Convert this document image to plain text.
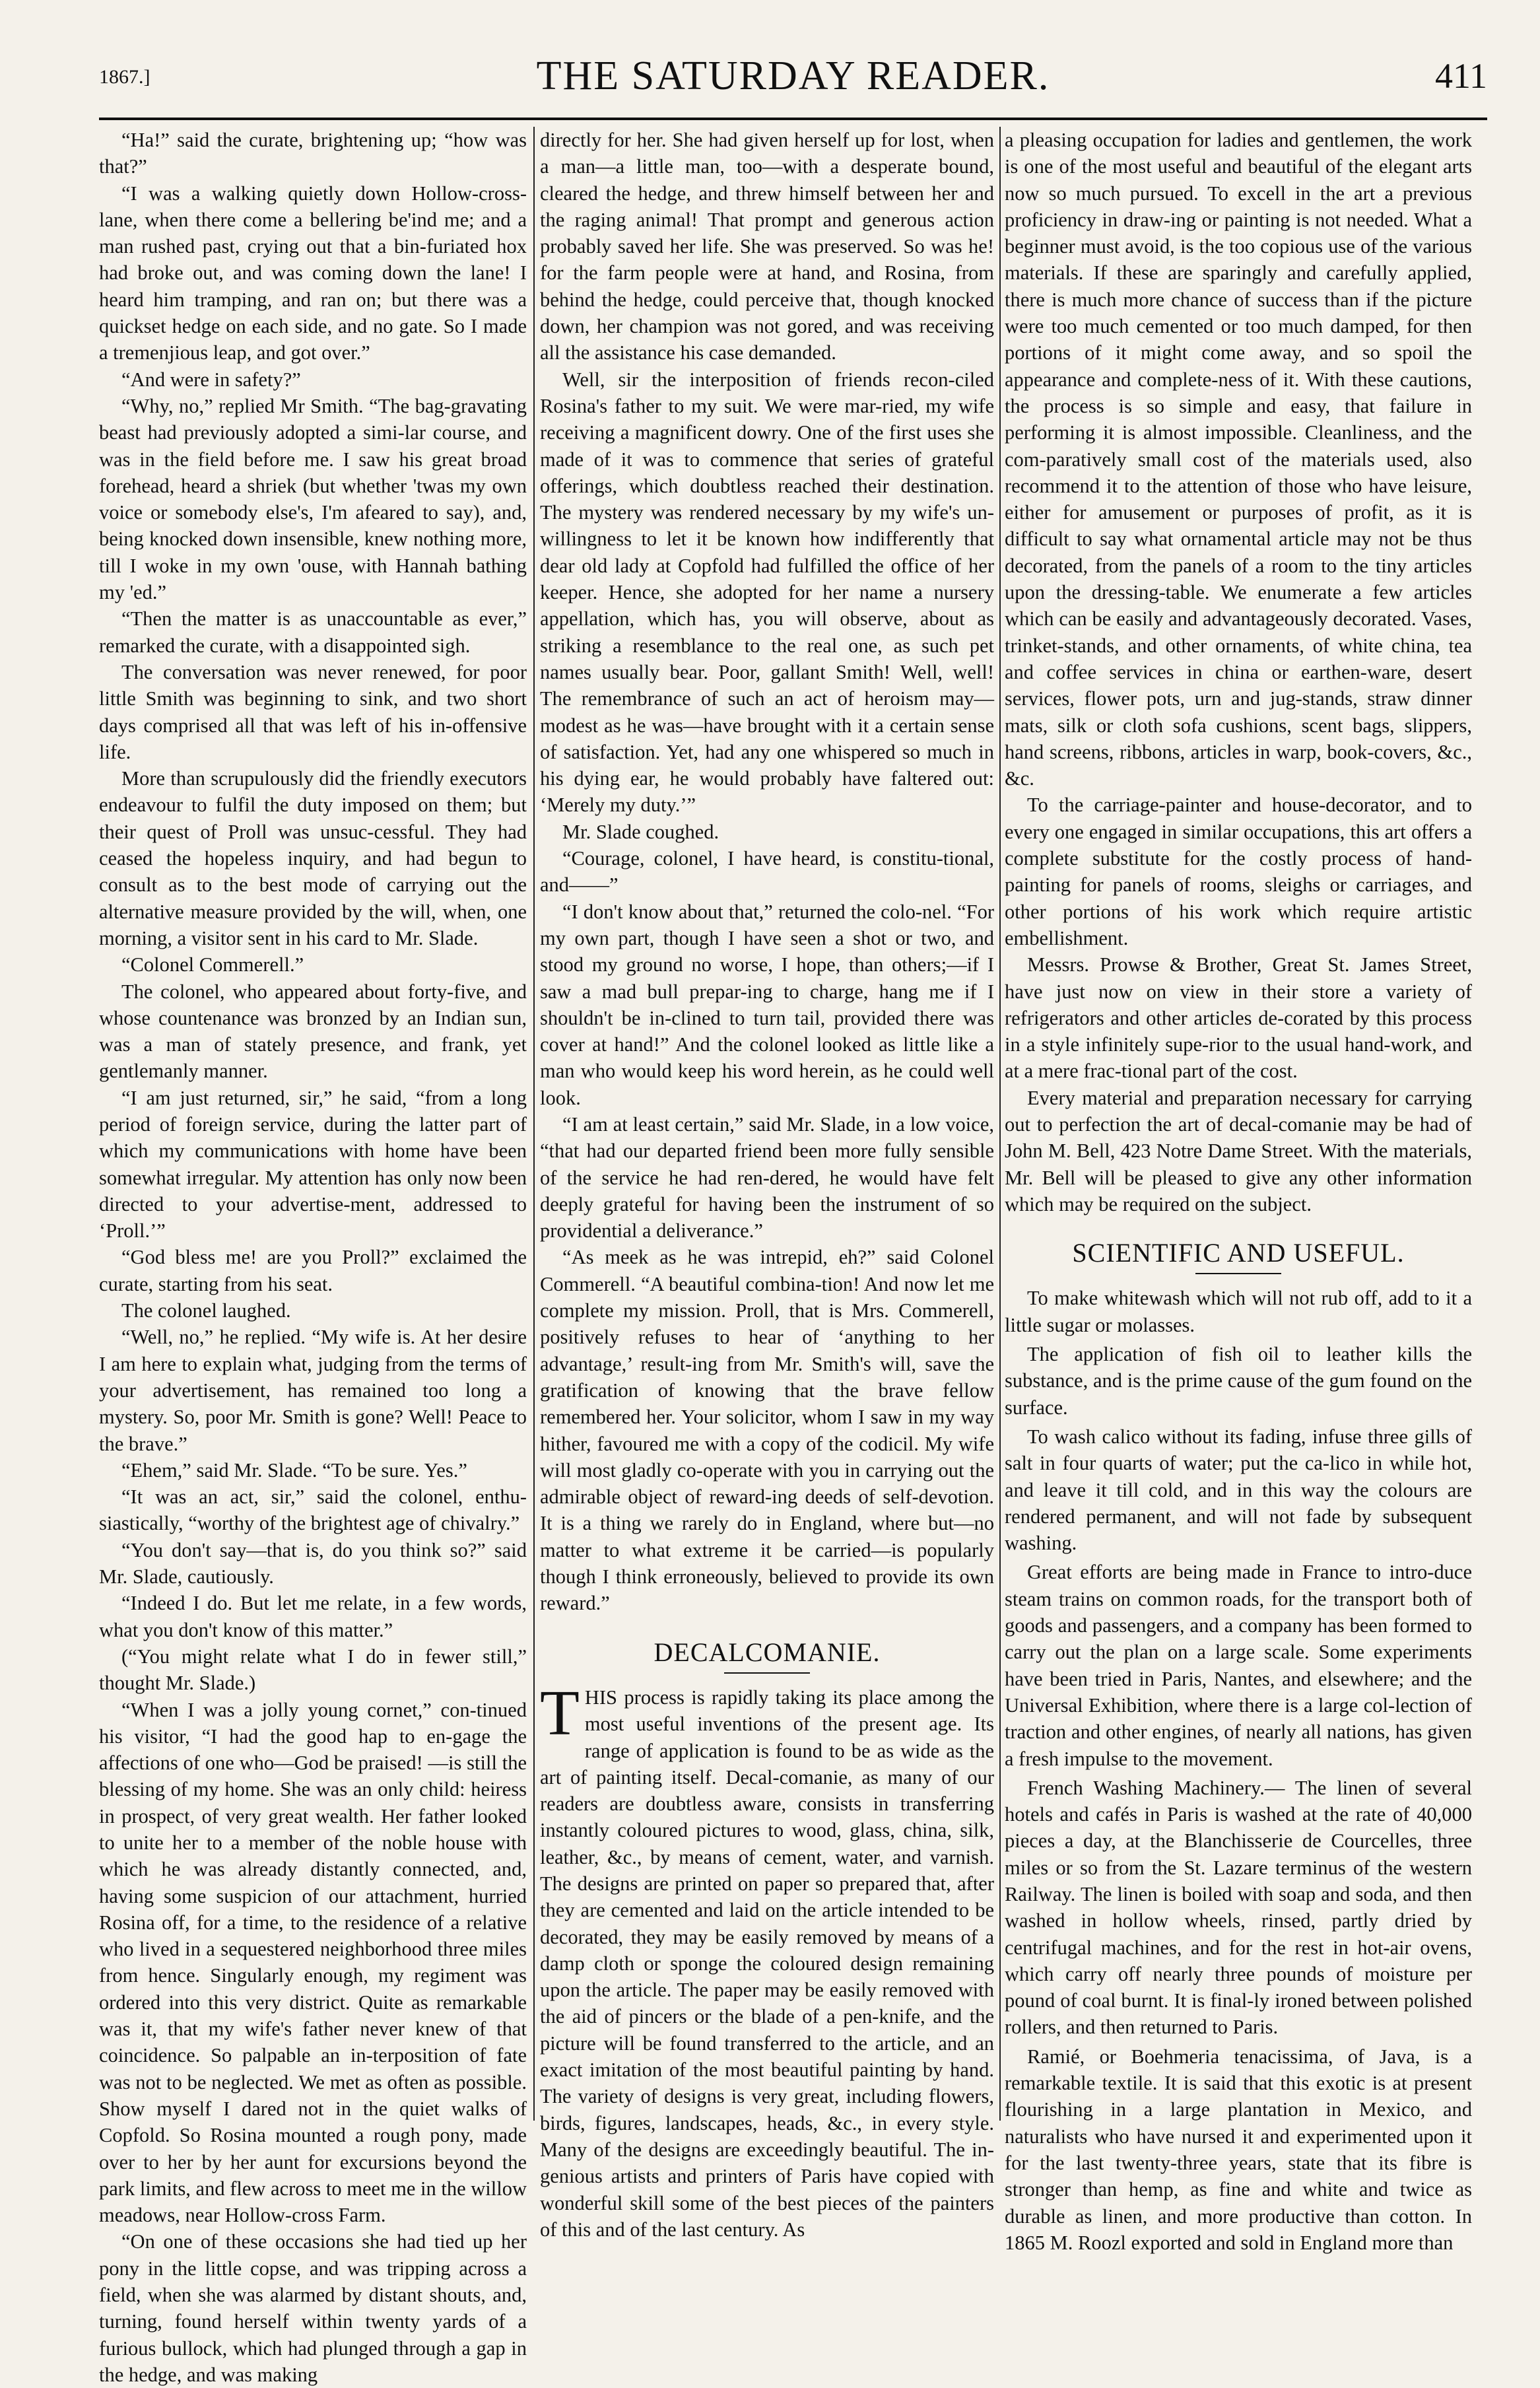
1867.]	THE SATURDAY READER.	411

“Ha!” said the curate, brightening up; “how was that?”

“I was a walking quietly down Hollow-cross-lane, when there come a bellering be'ind me; and a man rushed past, crying out that a bin-furiated hox had broke out, and was coming down the lane! I heard him tramping, and ran on; but there was a quickset hedge on each side, and no gate. So I made a tremenjious leap, and got over.”

“And were in safety?”

“Why, no,” replied Mr Smith. “The bag-gravating beast had previously adopted a simi-lar course, and was in the field before me. I saw his great broad forehead, heard a shriek (but whether 'twas my own voice or somebody else's, I'm afeared to say), and, being knocked down insensible, knew nothing more, till I woke in my own 'ouse, with Hannah bathing my 'ed.”

“Then the matter is as unaccountable as ever,” remarked the curate, with a disappointed sigh.

The conversation was never renewed, for poor little Smith was beginning to sink, and two short days comprised all that was left of his in-offensive life.

More than scrupulously did the friendly executors endeavour to fulfil the duty imposed on them; but their quest of Proll was unsuc-cessful. They had ceased the hopeless inquiry, and had begun to consult as to the best mode of carrying out the alternative measure provided by the will, when, one morning, a visitor sent in his card to Mr. Slade.

“Colonel Commerell.”

The colonel, who appeared about forty-five, and whose countenance was bronzed by an Indian sun, was a man of stately presence, and frank, yet gentlemanly manner.

“I am just returned, sir,” he said, “from a long period of foreign service, during the latter part of which my communications with home have been somewhat irregular. My attention has only now been directed to your advertise-ment, addressed to ‘Proll.’”

“God bless me! are you Proll?” exclaimed the curate, starting from his seat.

The colonel laughed.

“Well, no,” he replied. “My wife is. At her desire I am here to explain what, judging from the terms of your advertisement, has remained too long a mystery. So, poor Mr. Smith is gone? Well! Peace to the brave.”

“Ehem,” said Mr. Slade. “To be sure. Yes.”

“It was an act, sir,” said the colonel, enthu-siastically, “worthy of the brightest age of chivalry.”

“You don't say—that is, do you think so?” said Mr. Slade, cautiously.

“Indeed I do. But let me relate, in a few words, what you don't know of this matter.”

(“You might relate what I do in fewer still,” thought Mr. Slade.)

“When I was a jolly young cornet,” con-tinued his visitor, “I had the good hap to en-gage the affections of one who—God be praised! —is still the blessing of my home. She was an only child: heiress in prospect, of very great wealth. Her father looked to unite her to a member of the noble house with which he was already distantly connected, and, having some suspicion of our attachment, hurried Rosina off, for a time, to the residence of a relative who lived in a sequestered neighborhood three miles from hence. Singularly enough, my regiment was ordered into this very district. Quite as remarkable was it, that my wife's father never knew of that coincidence. So palpable an in-terposition of fate was not to be neglected. We met as often as possible. Show myself I dared not in the quiet walks of Copfold. So Rosina mounted a rough pony, made over to her by her aunt for excursions beyond the park limits, and flew across to meet me in the willow meadows, near Hollow-cross Farm.

“On one of these occasions she had tied up her pony in the little copse, and was tripping across a field, when she was alarmed by distant shouts, and, turning, found herself within twenty yards of a furious bullock, which had plunged through a gap in the hedge, and was making

directly for her. She had given herself up for lost, when a man—a little man, too—with a desperate bound, cleared the hedge, and threw himself between her and the raging animal! That prompt and generous action probably saved her life. She was preserved. So was he! for the farm people were at hand, and Rosina, from behind the hedge, could perceive that, though knocked down, her champion was not gored, and was receiving all the assistance his case demanded.

Well, sir the interposition of friends recon-ciled Rosina's father to my suit. We were mar-ried, my wife receiving a magnificent dowry. One of the first uses she made of it was to commence that series of grateful offerings, which doubtless reached their destination. The mystery was rendered necessary by my wife's un-willingness to let it be known how indifferently that dear old lady at Copfold had fulfilled the office of her keeper. Hence, she adopted for her name a nursery appellation, which has, you will observe, about as striking a resemblance to the real one, as such pet names usually bear. Poor, gallant Smith! Well, well! The remembrance of such an act of heroism may—modest as he was—have brought with it a certain sense of satisfaction. Yet, had any one whispered so much in his dying ear, he would probably have faltered out: ‘Merely my duty.’”

Mr. Slade coughed.

“Courage, colonel, I have heard, is constitu-tional, and——”

“I don't know about that,” returned the colo-nel. “For my own part, though I have seen a shot or two, and stood my ground no worse, I hope, than others;—if I saw a mad bull prepar-ing to charge, hang me if I shouldn't be in-clined to turn tail, provided there was cover at hand!” And the colonel looked as little like a man who would keep his word herein, as he could well look.

“I am at least certain,” said Mr. Slade, in a low voice, “that had our departed friend been more fully sensible of the service he had ren-dered, he would have felt deeply grateful for having been the instrument of so providential a deliverance.”

“As meek as he was intrepid, eh?” said Colonel Commerell. “A beautiful combina-tion! And now let me complete my mission. Proll, that is Mrs. Commerell, positively refuses to hear of ‘anything to her advantage,’ result-ing from Mr. Smith's will, save the gratification of knowing that the brave fellow remembered her. Your solicitor, whom I saw in my way hither, favoured me with a copy of the codicil. My wife will most gladly co-operate with you in carrying out the admirable object of reward-ing deeds of self-devotion. It is a thing we rarely do in England, where but—no matter to what extreme it be carried—is popularly though I think erroneously, believed to provide its own reward.”

DECALCOMANIE.

THIS process is rapidly taking its place among the most useful inventions of the present age. Its range of application is found to be as wide as the art of painting itself. Decal-comanie, as many of our readers are doubtless aware, consists in transferring instantly coloured pictures to wood, glass, china, silk, leather, &c., by means of cement, water, and varnish. The designs are printed on paper so prepared that, after they are cemented and laid on the article intended to be decorated, they may be easily removed by means of a damp cloth or sponge the coloured design remaining upon the article. The paper may be easily removed with the aid of pincers or the blade of a pen-knife, and the picture will be found transferred to the article, and an exact imitation of the most beautiful painting by hand. The variety of designs is very great, including flowers, birds, figures, landscapes, heads, &c., in every style. Many of the designs are exceedingly beautiful. The in-genious artists and printers of Paris have copied with wonderful skill some of the best pieces of the painters of this and of the last century. As

a pleasing occupation for ladies and gentlemen, the work is one of the most useful and beautiful of the elegant arts now so much pursued. To excell in the art a previous proficiency in draw-ing or painting is not needed. What a beginner must avoid, is the too copious use of the various materials. If these are sparingly and carefully applied, there is much more chance of success than if the picture were too much cemented or too much damped, for then portions of it might come away, and so spoil the appearance and complete-ness of it. With these cautions, the process is so simple and easy, that failure in performing it is almost impossible. Cleanliness, and the com-paratively small cost of the materials used, also recommend it to the attention of those who have leisure, either for amusement or purposes of profit, as it is difficult to say what ornamental article may not be thus decorated, from the panels of a room to the tiny articles upon the dressing-table. We enumerate a few articles which can be easily and advantageously decorated. Vases, trinket-stands, and other ornaments, of white china, tea and coffee services in china or earthen-ware, desert services, flower pots, urn and jug-stands, straw dinner mats, silk or cloth sofa cushions, scent bags, slippers, hand screens, ribbons, articles in warp, book-covers, &c., &c.

To the carriage-painter and house-decorator, and to every one engaged in similar occupations, this art offers a complete substitute for the costly process of hand-painting for panels of rooms, sleighs or carriages, and other portions of his work which require artistic embellishment.

Messrs. Prowse & Brother, Great St. James Street, have just now on view in their store a variety of refrigerators and other articles de-corated by this process in a style infinitely supe-rior to the usual hand-work, and at a mere frac-tional part of the cost.

Every material and preparation necessary for carrying out to perfection the art of decal-comanie may be had of John M. Bell, 423 Notre Dame Street. With the materials, Mr. Bell will be pleased to give any other information which may be required on the subject.

SCIENTIFIC AND USEFUL.

To make whitewash which will not rub off, add to it a little sugar or molasses.

The application of fish oil to leather kills the substance, and is the prime cause of the gum found on the surface.

To wash calico without its fading, infuse three gills of salt in four quarts of water; put the ca-lico in while hot, and leave it till cold, and in this way the colours are rendered permanent, and will not fade by subsequent washing.

Great efforts are being made in France to intro-duce steam trains on common roads, for the transport both of goods and passengers, and a company has been formed to carry out the plan on a large scale. Some experiments have been tried in Paris, Nantes, and elsewhere; and the Universal Exhibition, where there is a large col-lection of traction and other engines, of nearly all nations, has given a fresh impulse to the movement.

French Washing Machinery.— The linen of several hotels and cafés in Paris is washed at the rate of 40,000 pieces a day, at the Blanchisserie de Courcelles, three miles or so from the St. Lazare terminus of the western Railway. The linen is boiled with soap and soda, and then washed in hollow wheels, rinsed, partly dried by centrifugal machines, and for the rest in hot-air ovens, which carry off nearly three pounds of moisture per pound of coal burnt. It is final-ly ironed between polished rollers, and then returned to Paris.

Ramié, or Boehmeria tenacissima, of Java, is a remarkable textile. It is said that this exotic is at present flourishing in a large plantation in Mexico, and naturalists who have nursed it and experimented upon it for the last twenty-three years, state that its fibre is stronger than hemp, as fine and white and twice as durable as linen, and more productive than cotton. In 1865 M. Roozl exported and sold in England more than
